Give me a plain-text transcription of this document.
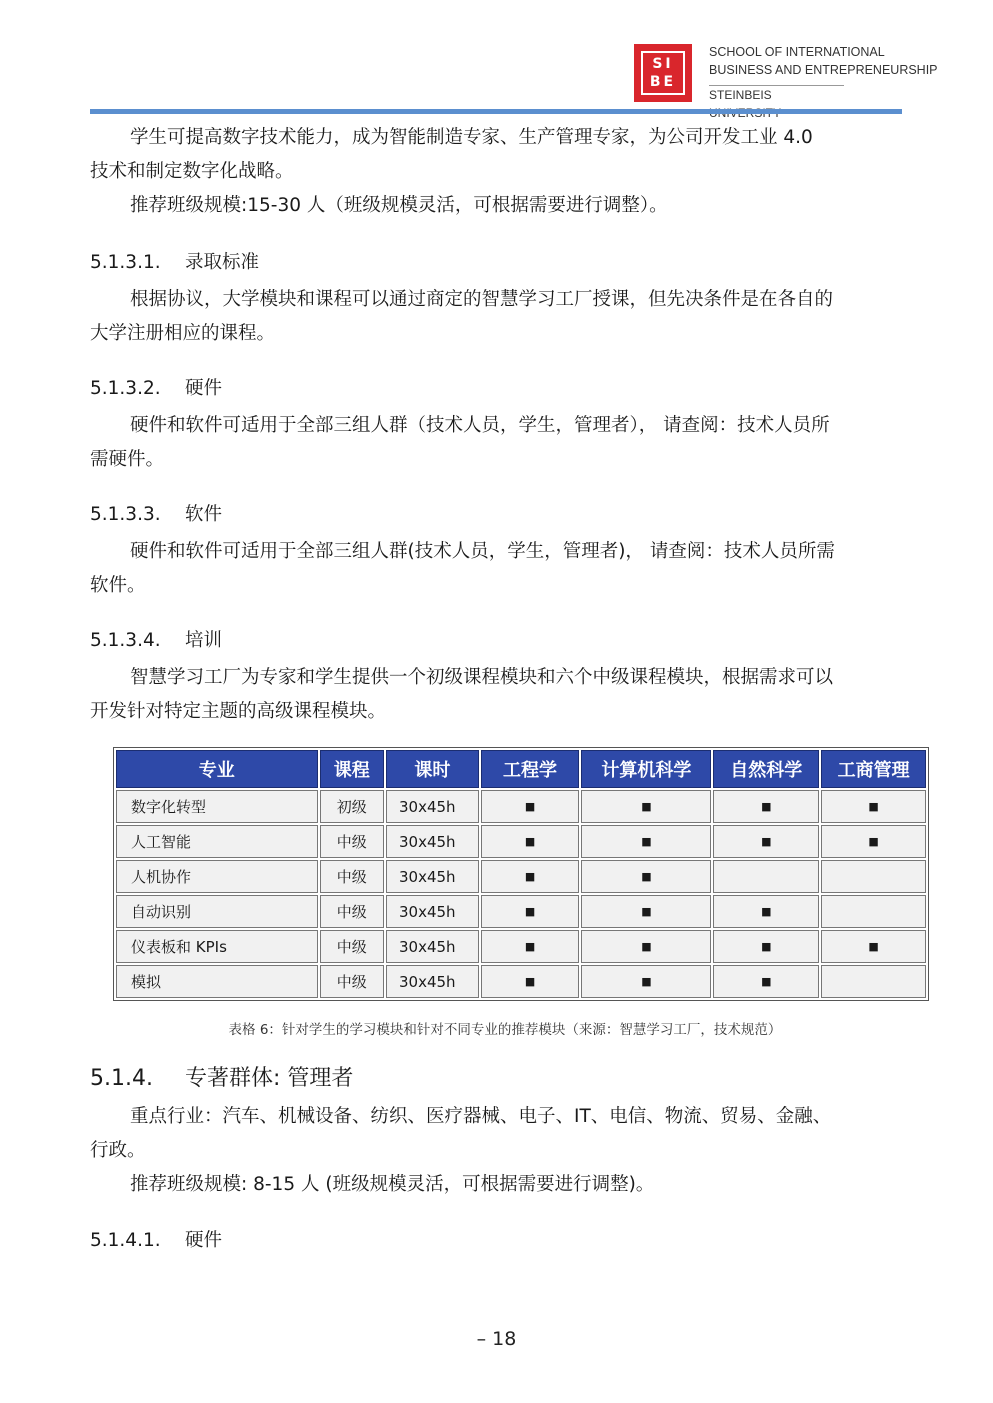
SI
BE
SCHOOL OF INTERNATIONAL
BUSINESS AND ENTREPRENEURSHIP
STEINBEIS
学生可提高数字技术能力，成为智能制造专家、生产管理专家，为公司开发工业 4.0
技术和制定数字化战略。
推荐班级规模:15-30 人（班级规模灵活，可根据需要进行调整）。
5.1.3.1. 录取标准
根据协议，大学模块和课程可以通过商定的智慧学习工厂授课，但先决条件是在各自的
大学注册相应的课程。
5.1.3.2. 硬件
硬件和软件可适用于全部三组人群（技术人员，学生，管理者）， 请查阅：技术人员所
需硬件。
5.1.3.3. 软件
硬件和软件可适用于全部三组人群(技术人员，学生，管理者)， 请查阅：技术人员所需
软件。
5.1.3.4. 培训
智慧学习工厂为专家和学生提供一个初级课程模块和六个中级课程模块，根据需求可以
开发针对特定主题的高级课程模块。
专业	课程	课时	工程学	计算机科学	自然科学	工商管理
数字化转型	初级	30x45h	■	■	■	■
人工智能	中级	30x45h	■	■	■	■
人机协作	中级	30x45h	■	■		
自动识别	中级	30x45h	■	■	■	
仪表板和 KPIs	中级	30x45h	■	■	■	■
模拟	中级	30x45h	■	■	■	
表格 6：针对学生的学习模块和针对不同专业的推荐模块（来源：智慧学习工厂，技术规范）
5.1.4. 专著群体: 管理者
重点行业：汽车、机械设备、纺织、医疗器械、电子、IT、电信、物流、贸易、金融、
行政。
推荐班级规模: 8-15 人 (班级规模灵活，可根据需要进行调整)。
5.1.4.1. 硬件
– 18
